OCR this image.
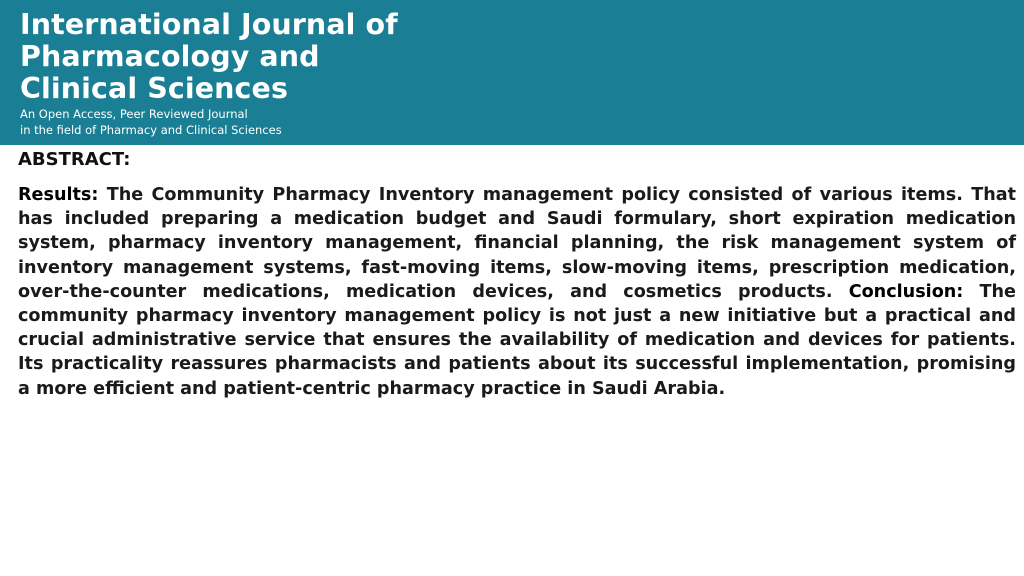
International Journal of
Pharmacology and
Clinical Sciences

An Open Access, Peer Reviewed Journal
in the field of Pharmacy and Clinical Sciences

ABSTRACT:

Results: The Community Pharmacy Inventory management policy consisted of various items. That has included preparing a medication budget and Saudi formulary, short expiration medication system, pharmacy inventory management, financial planning, the risk management system of inventory management systems, fast-moving items, slow-moving items, prescription medication, over-the-counter medications, medication devices, and cosmetics products. Conclusion: The community pharmacy inventory management policy is not just a new initiative but a practical and crucial administrative service that ensures the availability of medication and devices for patients. Its practicality reassures pharmacists and patients about its successful implementation, promising a more efficient and patient-centric pharmacy practice in Saudi Arabia.
